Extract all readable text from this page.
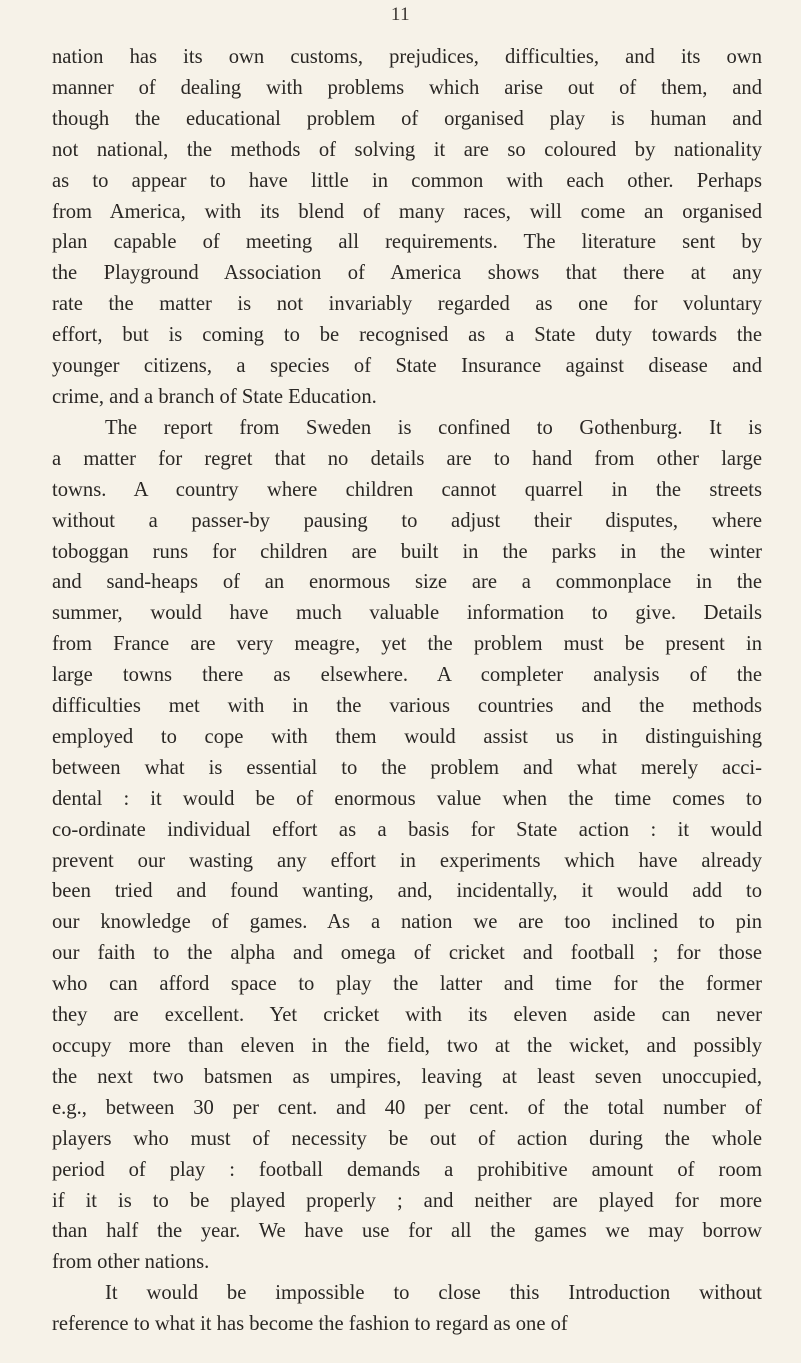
11
nation has its own customs, prejudices, difficulties, and its own
manner of dealing with problems which arise out of them, and
though the educational problem of organised play is human and
not national, the methods of solving it are so coloured by nationality
as to appear to have little in common with each other. Perhaps
from America, with its blend of many races, will come an organised
plan capable of meeting all requirements. The literature sent by
the Playground Association of America shows that there at any
rate the matter is not invariably regarded as one for voluntary
effort, but is coming to be recognised as a State duty towards the
younger citizens, a species of State Insurance against disease and
crime, and a branch of State Education.
The report from Sweden is confined to Gothenburg. It is
a matter for regret that no details are to hand from other large
towns. A country where children cannot quarrel in the streets
without a passer-by pausing to adjust their disputes, where
toboggan runs for children are built in the parks in the winter
and sand-heaps of an enormous size are a commonplace in the
summer, would have much valuable information to give. Details
from France are very meagre, yet the problem must be present in
large towns there as elsewhere. A completer analysis of the
difficulties met with in the various countries and the methods
employed to cope with them would assist us in distinguishing
between what is essential to the problem and what merely acci-
dental : it would be of enormous value when the time comes to
co-ordinate individual effort as a basis for State action : it would
prevent our wasting any effort in experiments which have already
been tried and found wanting, and, incidentally, it would add to
our knowledge of games. As a nation we are too inclined to pin
our faith to the alpha and omega of cricket and football ; for those
who can afford space to play the latter and time for the former
they are excellent. Yet cricket with its eleven aside can never
occupy more than eleven in the field, two at the wicket, and possibly
the next two batsmen as umpires, leaving at least seven unoccupied,
e.g., between 30 per cent. and 40 per cent. of the total number of
players who must of necessity be out of action during the whole
period of play : football demands a prohibitive amount of room
if it is to be played properly ; and neither are played for more
than half the year. We have use for all the games we may borrow
from other nations.
It would be impossible to close this Introduction without
reference to what it has become the fashion to regard as one of
